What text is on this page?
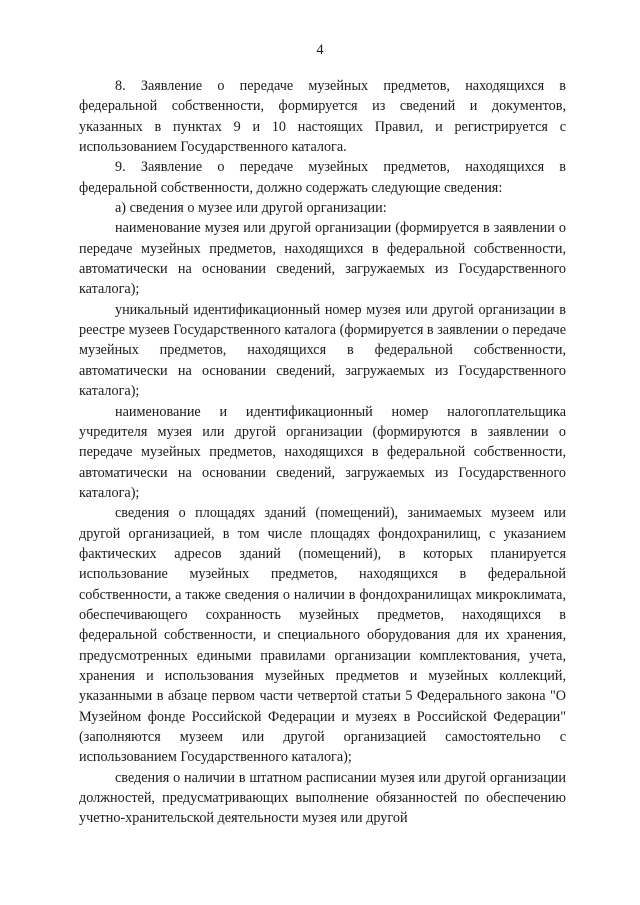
4

8. Заявление о передаче музейных предметов, находящихся в федеральной собственности, формируется из сведений и документов, указанных в пунктах 9 и 10 настоящих Правил, и регистрируется с использованием Государственного каталога.

9. Заявление о передаче музейных предметов, находящихся в федеральной собственности, должно содержать следующие сведения:

а) сведения о музее или другой организации:

наименование музея или другой организации (формируется в заявлении о передаче музейных предметов, находящихся в федеральной собственности, автоматически на основании сведений, загружаемых из Государственного каталога);

уникальный идентификационный номер музея или другой организации в реестре музеев Государственного каталога (формируется в заявлении о передаче музейных предметов, находящихся в федеральной собственности, автоматически на основании сведений, загружаемых из Государственного каталога);

наименование и идентификационный номер налогоплательщика учредителя музея или другой организации (формируются в заявлении о передаче музейных предметов, находящихся в федеральной собственности, автоматически на основании сведений, загружаемых из Государственного каталога);

сведения о площадях зданий (помещений), занимаемых музеем или другой организацией, в том числе площадях фондохранилищ, с указанием фактических адресов зданий (помещений), в которых планируется использование музейных предметов, находящихся в федеральной собственности, а также сведения о наличии в фондохранилищах микроклимата, обеспечивающего сохранность музейных предметов, находящихся в федеральной собственности, и специального оборудования для их хранения, предусмотренных едиными правилами организации комплектования, учета, хранения и использования музейных предметов и музейных коллекций, указанными в абзаце первом части четвертой статьи 5 Федерального закона "О Музейном фонде Российской Федерации и музеях в Российской Федерации" (заполняются музеем или другой организацией самостоятельно с использованием Государственного каталога);

сведения о наличии в штатном расписании музея или другой организации должностей, предусматривающих выполнение обязанностей по обеспечению учетно-хранительской деятельности музея или другой
